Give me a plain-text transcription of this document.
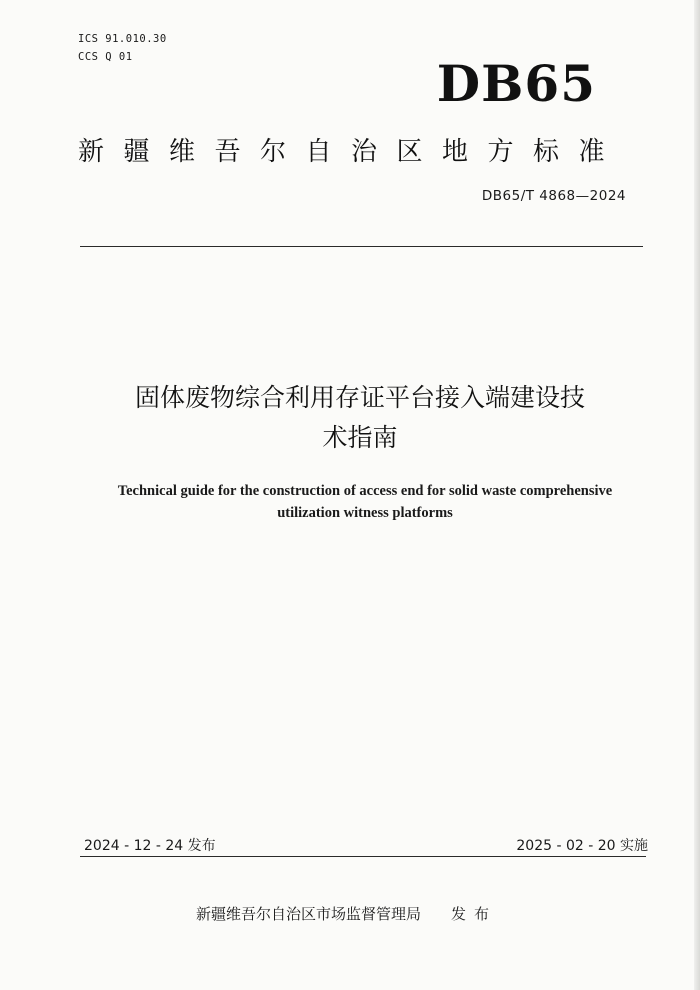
ICS 91.010.30
CCS Q 01	DB65
新疆维吾尔自治区地方标准
DB65/T 4868—2024
固体废物综合利用存证平台接入端建设技
术指南
Technical guide for the construction of access end for solid waste comprehensive
utilization witness platforms
2024 - 12 - 24 发布	2025 - 02 - 20 实施
新疆维吾尔自治区市场监督管理局 发布
